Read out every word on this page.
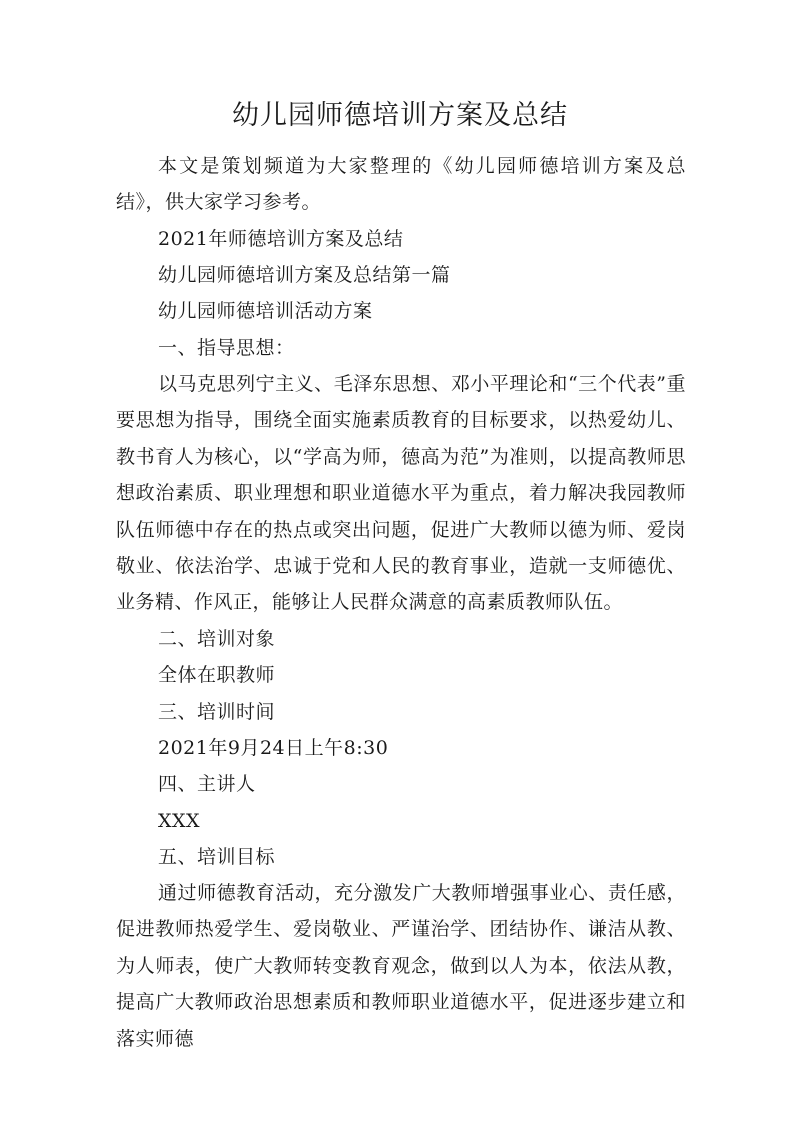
幼儿园师德培训方案及总结

本文是策划频道为大家整理的《幼儿园师德培训方案及总结》，供大家学习参考。

2021年师德培训方案及总结
幼儿园师德培训方案及总结第一篇
幼儿园师德培训活动方案
一、指导思想：

以马克思列宁主义、毛泽东思想、邓小平理论和“三个代表”重要思想为指导，围绕全面实施素质教育的目标要求，以热爱幼儿、教书育人为核心，以“学高为师，德高为范”为准则，以提高教师思想政治素质、职业理想和职业道德水平为重点，着力解决我园教师队伍师德中存在的热点或突出问题，促进广大教师以德为师、爱岗敬业、依法治学、忠诚于党和人民的教育事业，造就一支师德优、业务精、作风正，能够让人民群众满意的高素质教师队伍。

二、培训对象
全体在职教师
三、培训时间
2021年9月24日上午8:30
四、主讲人
XXX
五、培训目标

通过师德教育活动，充分激发广大教师增强事业心、责任感，促进教师热爱学生、爱岗敬业、严谨治学、团结协作、谦洁从教、为人师表，使广大教师转变教育观念，做到以人为本，依法从教，提高广大教师政治思想素质和教师职业道德水平，促进逐步建立和落实师德
